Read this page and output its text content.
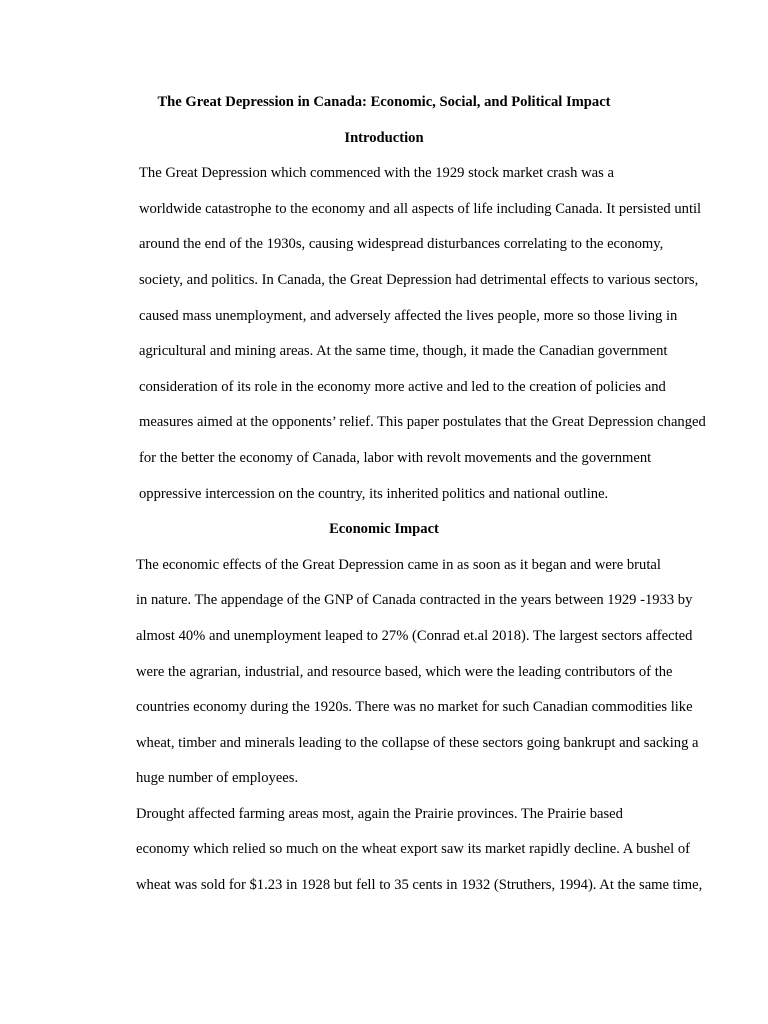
The Great Depression in Canada: Economic, Social, and Political Impact
Introduction

The Great Depression which commenced with the 1929 stock market crash was a
worldwide catastrophe to the economy and all aspects of life including Canada. It persisted until
around the end of the 1930s, causing widespread disturbances correlating to the economy,
society, and politics. In Canada, the Great Depression had detrimental effects to various sectors,
caused mass unemployment, and adversely affected the lives people, more so those living in
agricultural and mining areas. At the same time, though, it made the Canadian government
consideration of its role in the economy more active and led to the creation of policies and
measures aimed at the opponents’ relief. This paper postulates that the Great Depression changed
for the better the economy of Canada, labor with revolt movements and the government
oppressive intercession on the country, its inherited politics and national outline.

Economic Impact

The economic effects of the Great Depression came in as soon as it began and were brutal
in nature. The appendage of the GNP of Canada contracted in the years between 1929 -1933 by
almost 40% and unemployment leaped to 27% (Conrad et.al 2018). The largest sectors affected
were the agrarian, industrial, and resource based, which were the leading contributors of the
countries economy during the 1920s. There was no market for such Canadian commodities like
wheat, timber and minerals leading to the collapse of these sectors going bankrupt and sacking a
huge number of employees.

Drought affected farming areas most, again the Prairie provinces. The Prairie based
economy which relied so much on the wheat export saw its market rapidly decline. A bushel of
wheat was sold for $1.23 in 1928 but fell to 35 cents in 1932 (Struthers, 1994). At the same time,
